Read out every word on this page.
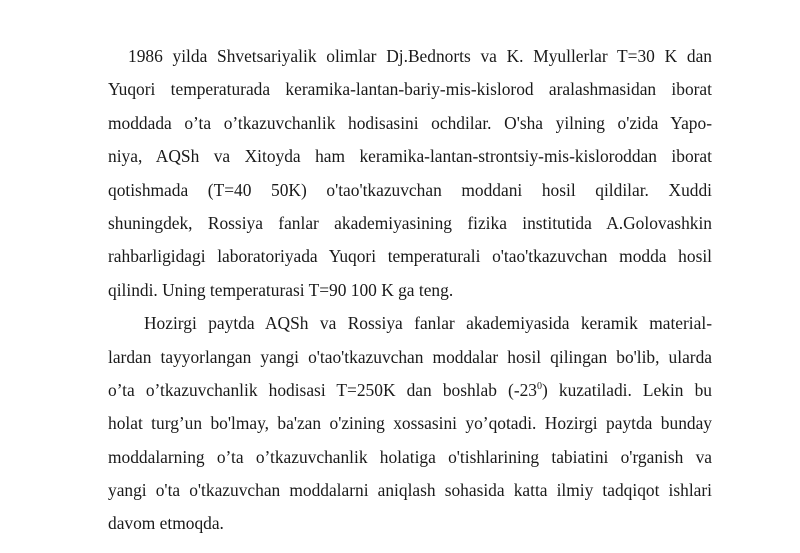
1986 yilda Shvetsariyalik olimlar Dj.Bednorts va K. Myullerlar T=30 K dan
Yuqori temperaturada keramika-lantan-bariy-mis-kislorod aralashmasidan iborat
moddada o’ta o’tkazuvchanlik hodisasini ochdilar. O'sha yilning o'zida Yapo-
niya, AQSh va Xitoyda ham keramika-lantan-strontsiy-mis-kisloroddan iborat
qotishmada (T=40 50K) o'tao'tkazuvchan moddani hosil qildilar. Xuddi
shuningdek, Rossiya fanlar akademiyasining fizika institutida A.Golovashkin
rahbarligidagi laboratoriyada Yuqori temperaturali o'tao'tkazuvchan modda hosil
qilindi. Uning temperaturasi T=90 100 K ga teng.
Hozirgi paytda AQSh va Rossiya fanlar akademiyasida keramik material-
lardan tayyorlangan yangi o'tao'tkazuvchan moddalar hosil qilingan bo'lib, ularda
o’ta o’tkazuvchanlik hodisasi T=250K dan boshlab $(-23^0)$ kuzatiladi. Lekin bu
holat turg’un bo'lmay, ba'zan o'zining xossasini yo’qotadi. Hozirgi paytda bunday
moddalarning o’ta o’tkazuvchanlik holatiga o'tishlarining tabiatini o'rganish va
yangi o'ta o'tkazuvchan moddalarni aniqlash sohasida katta ilmiy tadqiqot ishlari
davom etmoqda.
